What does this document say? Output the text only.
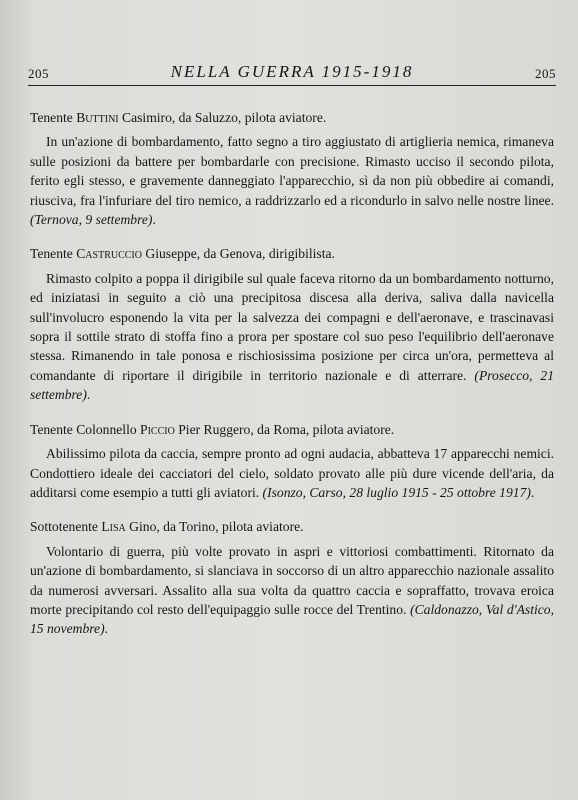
205	NELLA GUERRA 1915-1918	205

Tenente Buttini Casimiro, da Saluzzo, pilota aviatore.

In un'azione di bombardamento, fatto segno a tiro aggiustato di artiglieria nemica, rimaneva sulle posizioni da battere per bombardarle con precisione. Rimasto ucciso il secondo pilota, ferito egli stesso, e gravemente danneggiato l'apparecchio, sì da non più obbedire ai comandi, riusciva, fra l'infuriare del tiro nemico, a raddrizzarlo ed a ricondurlo in salvo nelle nostre linee. (Ternova, 9 settembre).

Tenente Castruccio Giuseppe, da Genova, dirigibilista.

Rimasto colpito a poppa il dirigibile sul quale faceva ritorno da un bombardamento notturno, ed iniziatasi in seguito a ciò una precipitosa discesa alla deriva, saliva dalla navicella sull'involucro esponendo la vita per la salvezza dei compagni e dell'aeronave, e trascinavasi sopra il sottile strato di stoffa fino a prora per spostare col suo peso l'equilibrio dell'aeronave stessa. Rimanendo in tale ponosa e rischiosissima posizione per circa un'ora, permetteva al comandante di riportare il dirigibile in territorio nazionale e di atterrare. (Prosecco, 21 settembre).

Tenente Colonnello Piccio Pier Ruggero, da Roma, pilota aviatore.

Abilissimo pilota da caccia, sempre pronto ad ogni audacia, abbatteva 17 apparecchi nemici. Condottiero ideale dei cacciatori del cielo, soldato provato alle più dure vicende dell'aria, da additarsi come esempio a tutti gli aviatori. (Isonzo, Carso, 28 luglio 1915 - 25 ottobre 1917).

Sottotenente Lisa Gino, da Torino, pilota aviatore.

Volontario di guerra, più volte provato in aspri e vittoriosi combattimenti. Ritornato da un'azione di bombardamento, si slanciava in soccorso di un altro apparecchio nazionale assalito da numerosi avversari. Assalito alla sua volta da quattro caccia e sopraffatto, trovava eroica morte precipitando col resto dell'equipaggio sulle rocce del Trentino. (Caldonazzo, Val d'Astico, 15 novembre).
